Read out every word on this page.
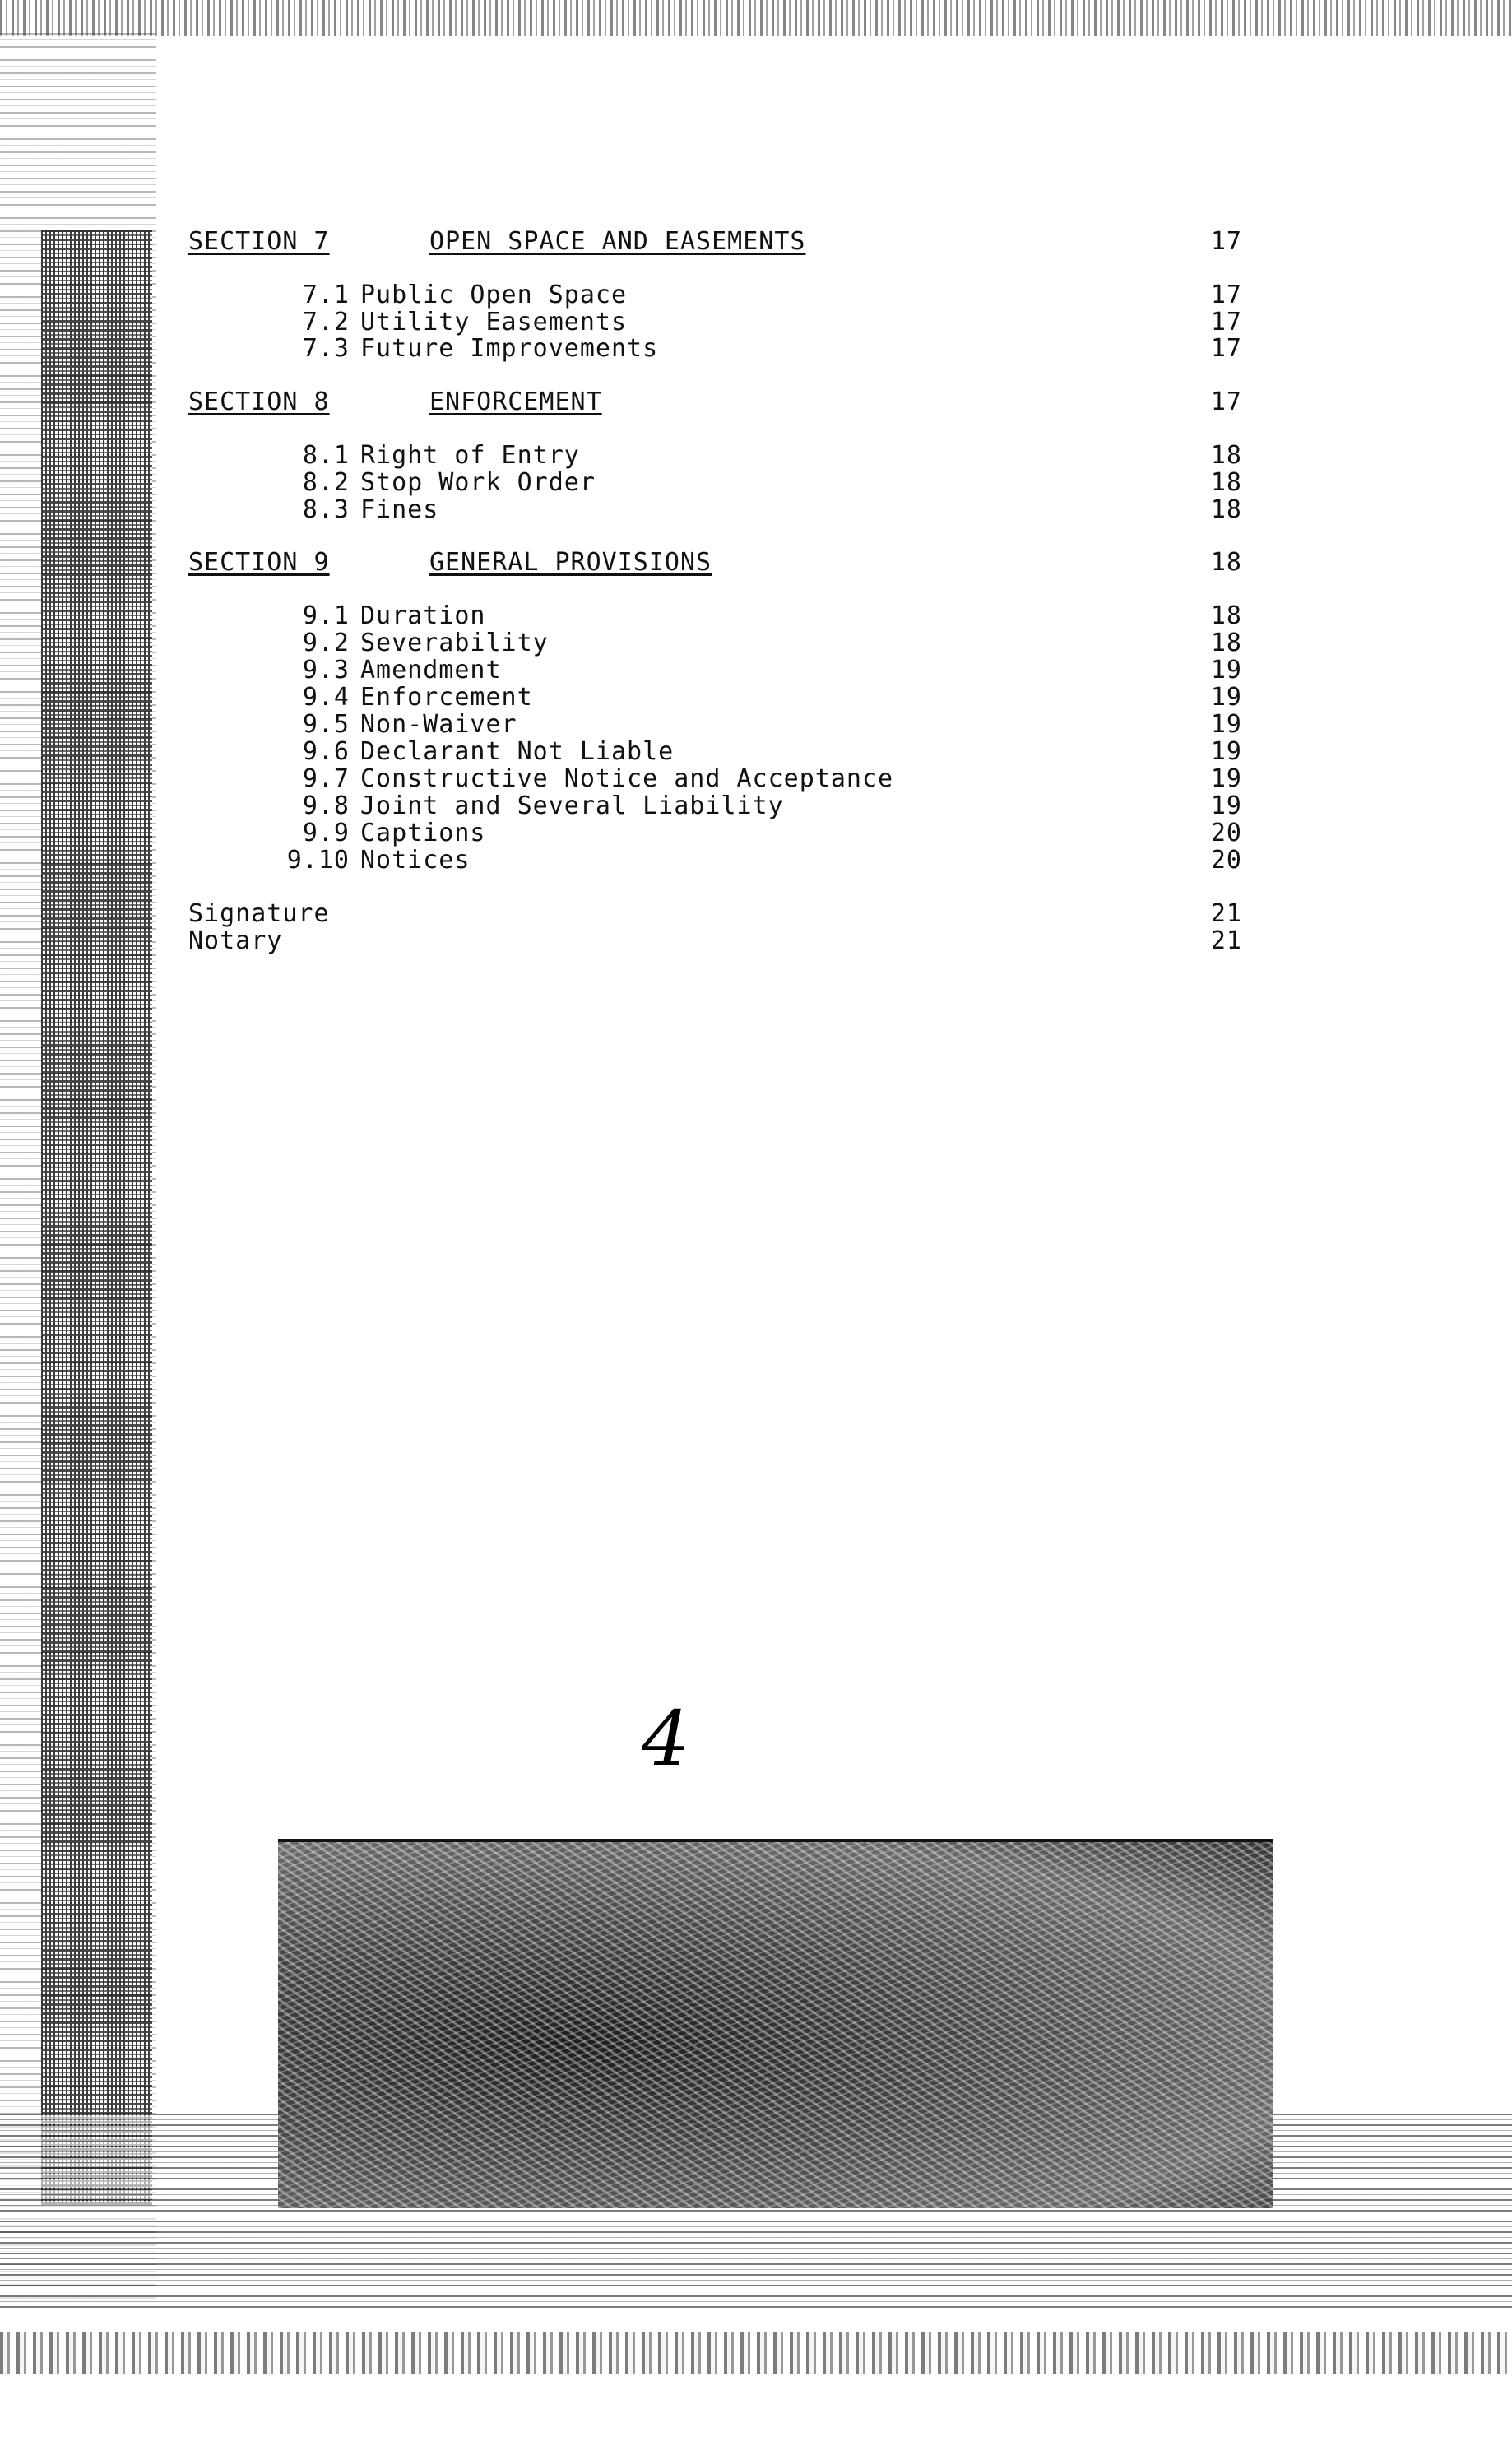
SECTION 7	OPEN SPACE AND EASEMENTS	17
7.1 Public Open Space	17
7.2 Utility Easements	17
7.3 Future Improvements	17
SECTION 8	ENFORCEMENT	17
8.1 Right of Entry	18
8.2 Stop Work Order	18
8.3 Fines	18
SECTION 9	GENERAL PROVISIONS	18
9.1 Duration	18
9.2 Severability	18
9.3 Amendment	19
9.4 Enforcement	19
9.5 Non-Waiver	19
9.6 Declarant Not Liable	19
9.7 Constructive Notice and Acceptance	19
9.8 Joint and Several Liability	19
9.9 Captions	20
9.10 Notices	20
Signature	21
Notary	21
4
